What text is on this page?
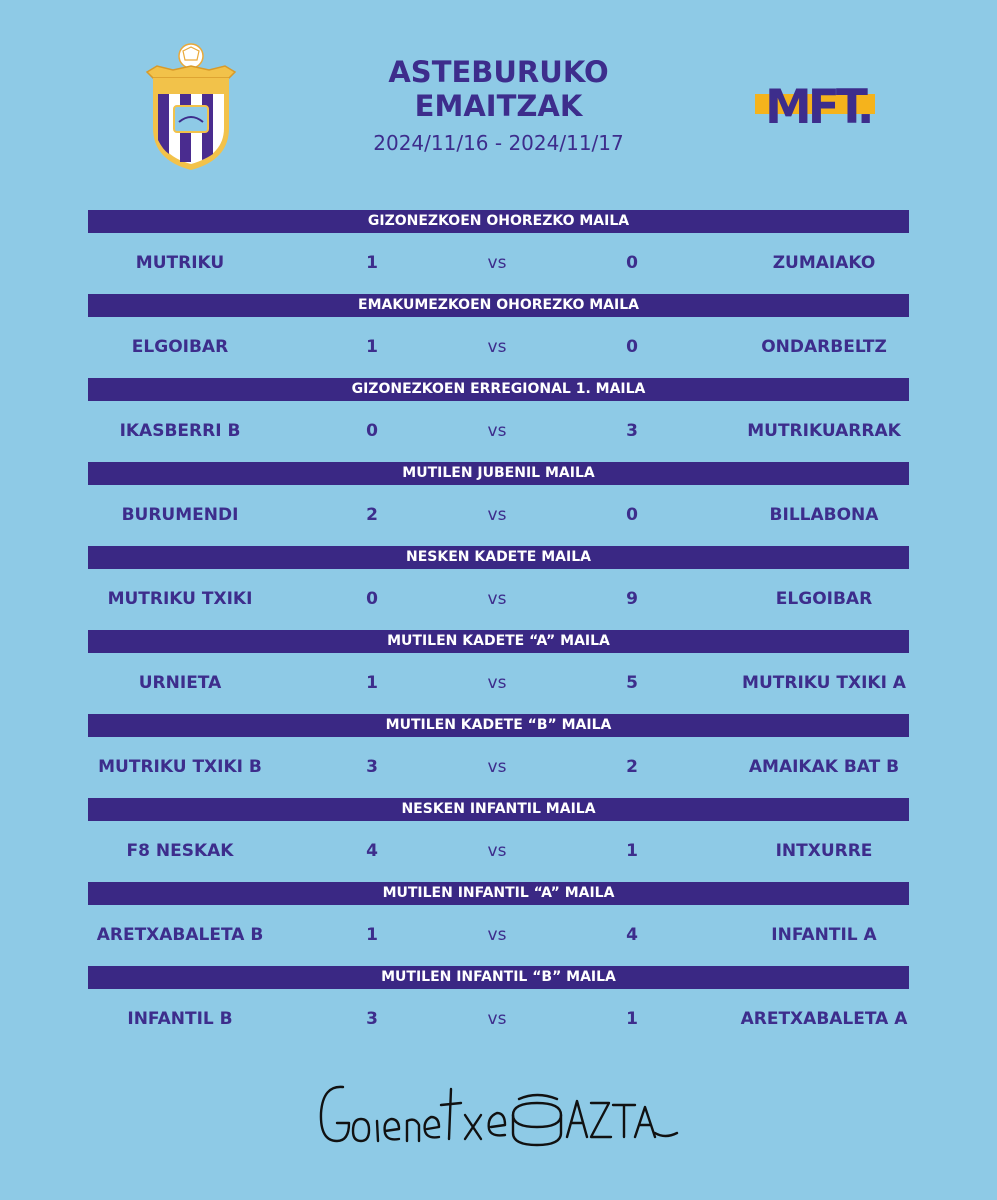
ASTEBURUKO
EMAITZAK
2024/11/16 - 2024/11/17
MFT.
GIZONEZKOEN OHOREZKO MAILA
MUTRIKU	1	vs	0	ZUMAIAKO
EMAKUMEZKOEN OHOREZKO MAILA
ELGOIBAR	1	vs	0	ONDARBELTZ
GIZONEZKOEN ERREGIONAL 1. MAILA
IKASBERRI B	0	vs	3	MUTRIKUARRAK
MUTILEN JUBENIL MAILA
BURUMENDI	2	vs	0	BILLABONA
NESKEN KADETE MAILA
MUTRIKU TXIKI	0	vs	9	ELGOIBAR
MUTILEN KADETE “A” MAILA
URNIETA	1	vs	5	MUTRIKU TXIKI A
MUTILEN KADETE “B” MAILA
MUTRIKU TXIKI B	3	vs	2	AMAIKAK BAT B
NESKEN INFANTIL MAILA
F8 NESKAK	4	vs	1	INTXURRE
MUTILEN INFANTIL “A” MAILA
ARETXABALETA B	1	vs	4	INFANTIL A
MUTILEN INFANTIL “B” MAILA
INFANTIL B	3	vs	1	ARETXABALETA A
